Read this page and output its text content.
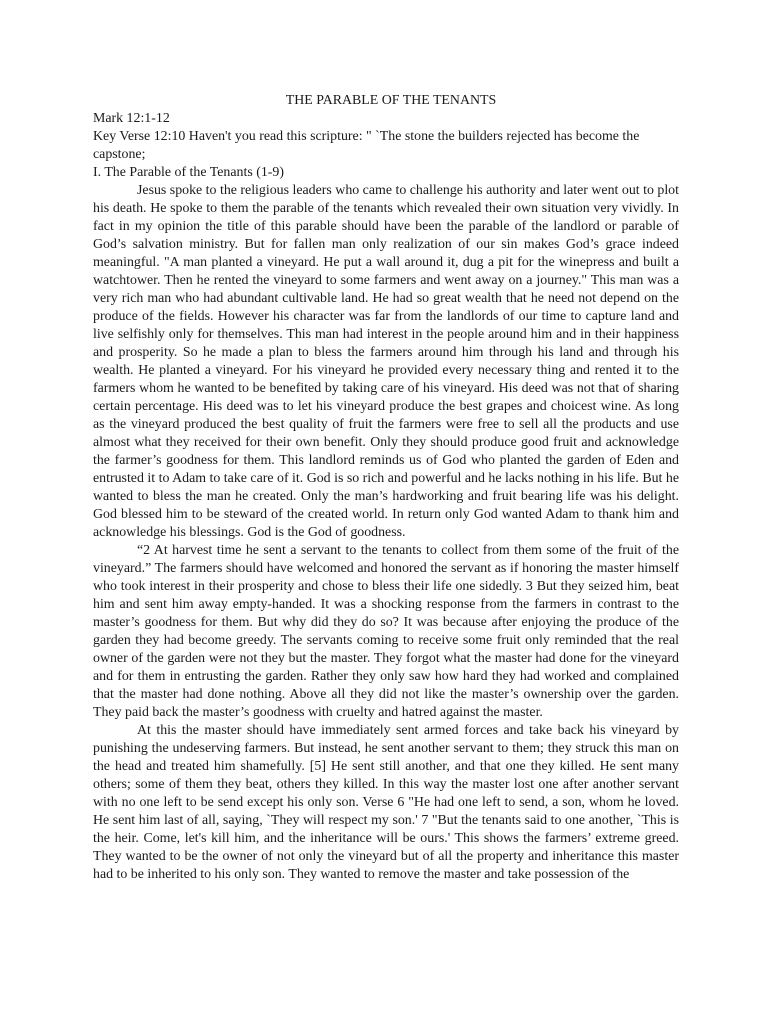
THE PARABLE OF THE TENANTS

Mark 12:1-12

Key Verse 12:10 Haven't you read this scripture: " `The stone the builders rejected has become the capstone;

I. The Parable of the Tenants (1-9)

Jesus spoke to the religious leaders who came to challenge his authority and later went out to plot his death. He spoke to them the parable of the tenants which revealed their own situation very vividly. In fact in my opinion the title of this parable should have been the parable of the landlord or parable of God’s salvation ministry. But for fallen man only realization of our sin makes God’s grace indeed meaningful. "A man planted a vineyard. He put a wall around it, dug a pit for the winepress and built a watchtower. Then he rented the vineyard to some farmers and went away on a journey." This man was a very rich man who had abundant cultivable land. He had so great wealth that he need not depend on the produce of the fields. However his character was far from the landlords of our time to capture land and live selfishly only for themselves. This man had interest in the people around him and in their happiness and prosperity. So he made a plan to bless the farmers around him through his land and through his wealth. He planted a vineyard. For his vineyard he provided every necessary thing and rented it to the farmers whom he wanted to be benefited by taking care of his vineyard. His deed was not that of sharing certain percentage. His deed was to let his vineyard produce the best grapes and choicest wine. As long as the vineyard produced the best quality of fruit the farmers were free to sell all the products and use almost what they received for their own benefit. Only they should produce good fruit and acknowledge the farmer’s goodness for them. This landlord reminds us of God who planted the garden of Eden and entrusted it to Adam to take care of it. God is so rich and powerful and he lacks nothing in his life. But he wanted to bless the man he created. Only the man’s hardworking and fruit bearing life was his delight. God blessed him to be steward of the created world. In return only God wanted Adam to thank him and acknowledge his blessings. God is the God of goodness.

“2 At harvest time he sent a servant to the tenants to collect from them some of the fruit of the vineyard.” The farmers should have welcomed and honored the servant as if honoring the master himself who took interest in their prosperity and chose to bless their life one sidedly. 3 But they seized him, beat him and sent him away empty-handed. It was a shocking response from the farmers in contrast to the master’s goodness for them. But why did they do so? It was because after enjoying the produce of the garden they had become greedy. The servants coming to receive some fruit only reminded that the real owner of the garden were not they but the master. They forgot what the master had done for the vineyard and for them in entrusting the garden. Rather they only saw how hard they had worked and complained that the master had done nothing. Above all they did not like the master’s ownership over the garden. They paid back the master’s goodness with cruelty and hatred against the master.

At this the master should have immediately sent armed forces and take back his vineyard by punishing the undeserving farmers. But instead, he sent another servant to them; they struck this man on the head and treated him shamefully. [5] He sent still another, and that one they killed. He sent many others; some of them they beat, others they killed. In this way the master lost one after another servant with no one left to be send except his only son. Verse 6 "He had one left to send, a son, whom he loved. He sent him last of all, saying, `They will respect my son.' 7 "But the tenants said to one another, `This is the heir. Come, let's kill him, and the inheritance will be ours.' This shows the farmers’ extreme greed. They wanted to be the owner of not only the vineyard but of all the property and inheritance this master had to be inherited to his only son. They wanted to remove the master and take possession of the
